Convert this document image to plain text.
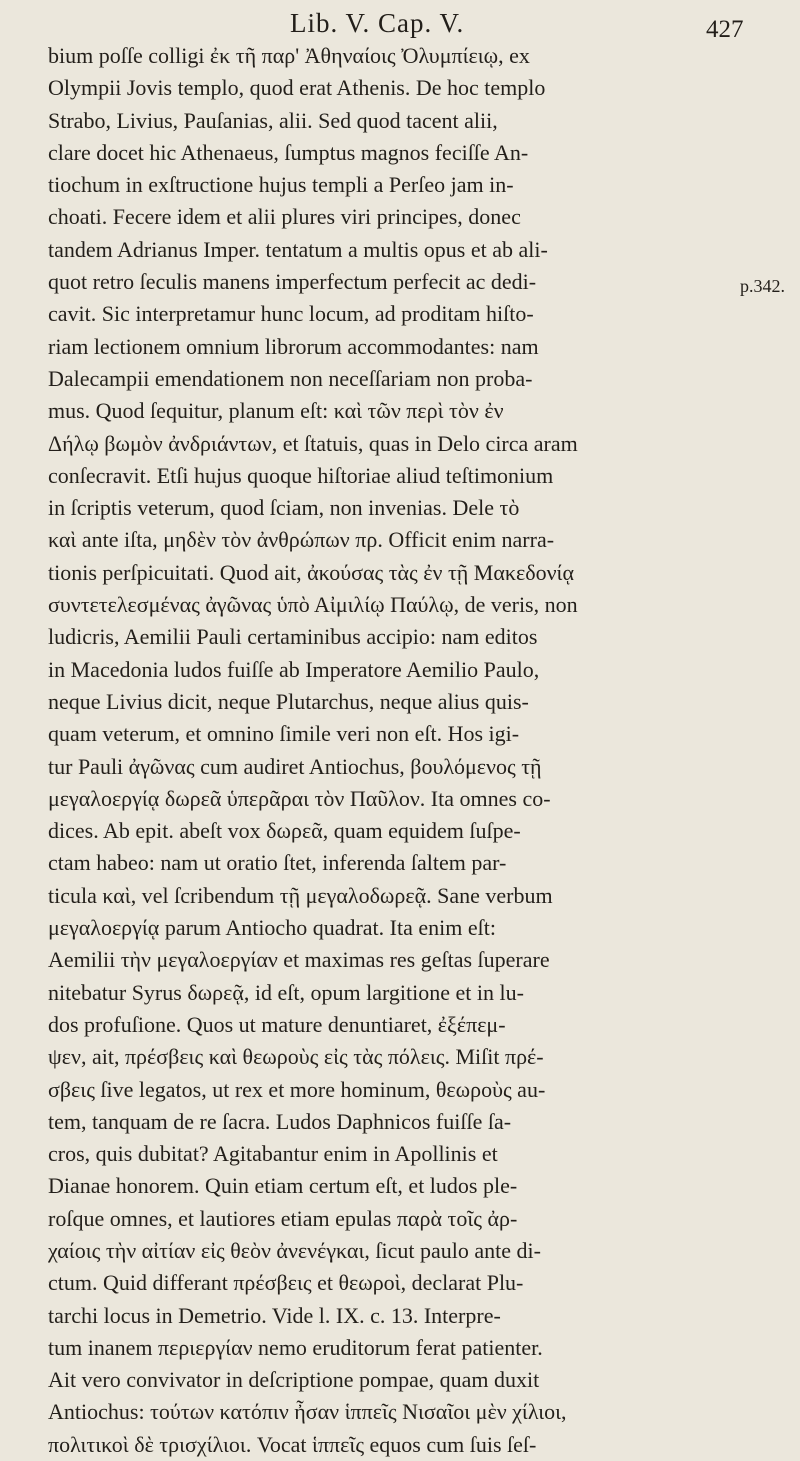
Lib. V. Cap. V.	427
p.342.
bium poſſe colligi ἐκ τῆ παρ' Ἀθηναίοις Ὀλυμπίειῳ, ex
Olympii Jovis templo, quod erat Athenis. De hoc templo
Strabo, Livius, Pauſanias, alii. Sed quod tacent alii,
clare docet hic Athenaeus, ſumptus magnos feciſſe An-
tiochum in exſtructione hujus templi a Perſeo jam in-
choati. Fecere idem et alii plures viri principes, donec
tandem Adrianus Imper. tentatum a multis opus et ab ali-
quot retro ſeculis manens imperfectum perfecit ac dedi-
cavit. Sic interpretamur hunc locum, ad proditam hiſto-
riam lectionem omnium librorum accommodantes: nam
Dalecampii emendationem non neceſſariam non proba-
mus. Quod ſequitur, planum eſt: καὶ τῶν περὶ τὸν ἐν
Δήλῳ βωμὸν ἀνδριάντων, et ſtatuis, quas in Delo circa aram
conſecravit. Etſi hujus quoque hiſtoriae aliud teſtimonium
in ſcriptis veterum, quod ſciam, non invenias. Dele τὸ
καὶ ante iſta, μηδὲν τὸν ἀνθρώπων πρ. Officit enim narra-
tionis perſpicuitati. Quod ait, ἀκούσας τὰς ἐν τῇ Μακεδονίᾳ
συντετελεσμένας ἀγῶνας ὑπὸ Αἰμιλίῳ Παύλῳ, de veris, non
ludicris, Aemilii Pauli certaminibus accipio: nam editos
in Macedonia ludos fuiſſe ab Imperatore Aemilio Paulo,
neque Livius dicit, neque Plutarchus, neque alius quis-
quam veterum, et omnino ſimile veri non eſt. Hos igi-
tur Pauli ἀγῶνας cum audiret Antiochus, βουλόμενος τῇ
μεγαλοεργίᾳ δωρεᾶ ὑπερᾶραι τὸν Παῦλον. Ita omnes co-
dices. Ab epit. abeſt vox δωρεᾶ, quam equidem ſuſpe-
ctam habeo: nam ut oratio ſtet, inferenda ſaltem par-
ticula καὶ, vel ſcribendum τῇ μεγαλοδωρεᾷ. Sane verbum
μεγαλοεργίᾳ parum Antiocho quadrat. Ita enim eſt:
Aemilii τὴν μεγαλοεργίαν et maximas res geſtas ſuperare
nitebatur Syrus δωρεᾷ, id eſt, opum largitione et in lu-
dos profuſione. Quos ut mature denuntiaret, ἐξέπεμ-
ψεν, ait, πρέσβεις καὶ θεωροὺς εἰς τὰς πόλεις. Miſit πρέ-
σβεις ſive legatos, ut rex et more hominum, θεωροὺς au-
tem, tanquam de re ſacra. Ludos Daphnicos fuiſſe ſa-
cros, quis dubitat? Agitabantur enim in Apollinis et
Dianae honorem. Quin etiam certum eſt, et ludos ple-
roſque omnes, et lautiores etiam epulas παρὰ τοῖς ἀρ-
χαίοις τὴν αἰτίαν εἰς θεὸν ἀνενέγκαι, ſicut paulo ante di-
ctum. Quid differant πρέσβεις et θεωροὶ, declarat Plu-
tarchi locus in Demetrio. Vide l. IX. c. 13. Interpre-
tum inanem περιεργίαν nemo eruditorum ferat patienter.
Ait vero convivator in deſcriptione pompae, quam duxit
Antiochus: τούτων κατόπιν ἦσαν ἱππεῖς Νισαῖοι μὲν χίλιοι,
πολιτικοὶ δὲ τρισχίλιοι. Vocat ἱππεῖς equos cum ſuis ſeſ-
